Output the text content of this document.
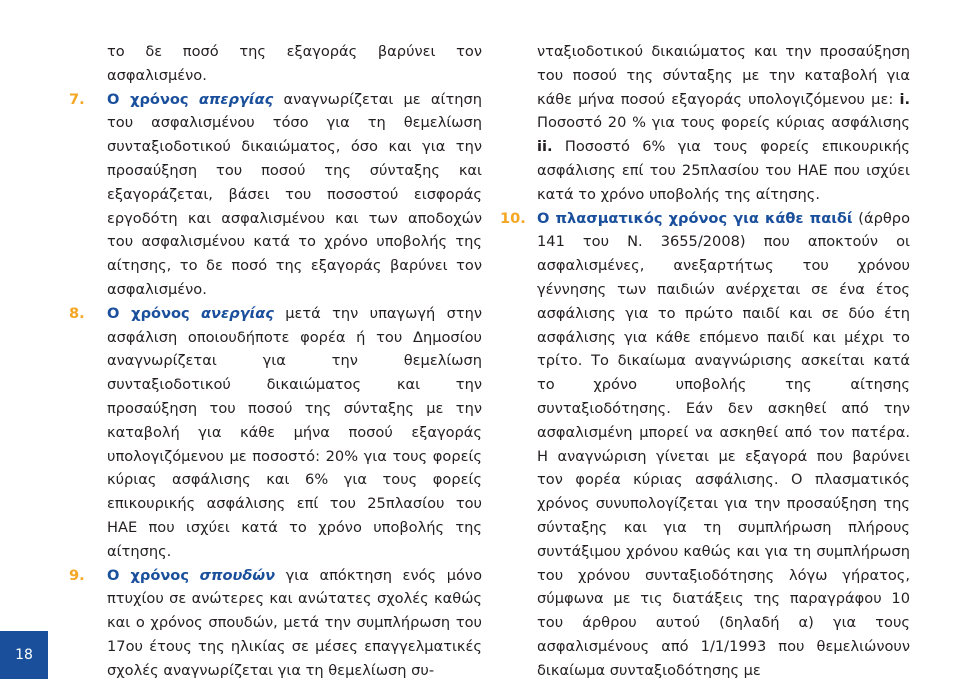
το δε ποσό της εξαγοράς βαρύνει τον ασφαλισμένο.

7. Ο χρόνος απεργίας αναγνωρίζεται με αίτηση του ασφαλισμένου τόσο για τη θεμελίωση συνταξιοδοτικού δικαιώματος, όσο και για την προσαύξηση του ποσού της σύνταξης και εξαγοράζεται, βάσει του ποσοστού εισφοράς εργοδότη και ασφαλισμένου και των αποδοχών του ασφαλισμένου κατά το χρόνο υποβολής της αίτησης, το δε ποσό της εξαγοράς βαρύνει τον ασφαλισμένο.

8. Ο χρόνος ανεργίας μετά την υπαγωγή στην ασφάλιση οποιουδήποτε φορέα ή του Δημοσίου αναγνωρίζεται για την θεμελίωση συνταξιοδοτικού δικαιώματος και την προσαύξηση του ποσού της σύνταξης με την καταβολή για κάθε μήνα ποσού εξαγοράς υπολογιζόμενου με ποσοστό: 20% για τους φορείς κύριας ασφάλισης και 6% για τους φορείς επικουρικής ασφάλισης επί του 25πλασίου του ΗΑΕ που ισχύει κατά το χρόνο υποβολής της αίτησης.

9. Ο χρόνος σπουδών για απόκτηση ενός μόνο πτυχίου σε ανώτερες και ανώτατες σχολές καθώς και ο χρόνος σπουδών, μετά την συμπλήρωση του 17ου έτους της ηλικίας σε μέσες επαγγελματικές σχολές αναγνωρίζεται για τη θεμελίωση συ-

νταξιοδοτικού δικαιώματος και την προσαύξηση του ποσού της σύνταξης με την καταβολή για κάθε μήνα ποσού εξαγοράς υπολογιζόμενου με: i. Ποσοστό 20 % για τους φορείς κύριας ασφάλισης ii. Ποσοστό 6% για τους φορείς επικουρικής ασφάλισης επί του 25πλασίου του ΗΑΕ που ισχύει κατά το χρόνο υποβολής της αίτησης.

10. Ο πλασματικός χρόνος για κάθε παιδί (άρθρο 141 του Ν. 3655/2008) που αποκτούν οι ασφαλισμένες, ανεξαρτήτως του χρόνου γέννησης των παιδιών ανέρχεται σε ένα έτος ασφάλισης για το πρώτο παιδί και σε δύο έτη ασφάλισης για κάθε επόμενο παιδί και μέχρι το τρίτο. Το δικαίωμα αναγνώρισης ασκείται κατά το χρόνο υποβολής της αίτησης συνταξιοδότησης. Εάν δεν ασκηθεί από την ασφαλισμένη μπορεί να ασκηθεί από τον πατέρα. Η αναγνώριση γίνεται με εξαγορά που βαρύνει τον φορέα κύριας ασφάλισης. Ο πλασματικός χρόνος συνυπολογίζεται για την προσαύξηση της σύνταξης και για τη συμπλήρωση πλήρους συντάξιμου χρόνου καθώς και για τη συμπλήρωση του χρόνου συνταξιοδότησης λόγω γήρατος, σύμφωνα με τις διατάξεις της παραγράφου 10 του άρθρου αυτού (δηλαδή α) για τους ασφαλισμένους από 1/1/1993 που θεμελιώνουν δικαίωμα συνταξιοδότησης με

18
